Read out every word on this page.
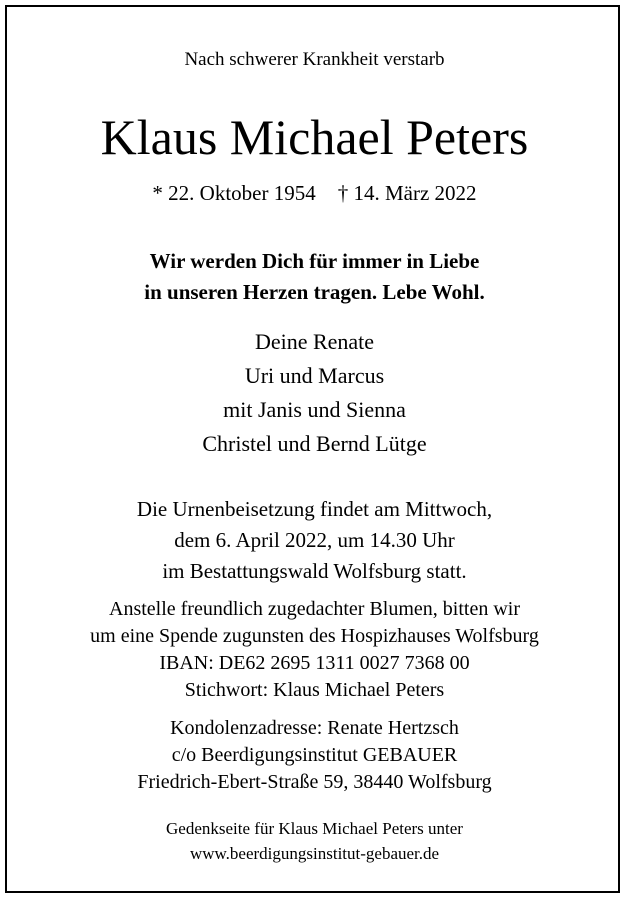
Nach schwerer Krankheit verstarb
Klaus Michael Peters
* 22. Oktober 1954 † 14. März 2022
Wir werden Dich für immer in Liebe
in unseren Herzen tragen. Lebe Wohl.
Deine Renate
Uri und Marcus
mit Janis und Sienna
Christel und Bernd Lütge
Die Urnenbeisetzung findet am Mittwoch,
dem 6. April 2022, um 14.30 Uhr
im Bestattungswald Wolfsburg statt.
Anstelle freundlich zugedachter Blumen, bitten wir
um eine Spende zugunsten des Hospizhauses Wolfsburg
IBAN: DE62 2695 1311 0027 7368 00
Stichwort: Klaus Michael Peters
Kondolenzadresse: Renate Hertzsch
c/o Beerdigungsinstitut GEBAUER
Friedrich-Ebert-Straße 59, 38440 Wolfsburg
Gedenkseite für Klaus Michael Peters unter
www.beerdigungsinstitut-gebauer.de
